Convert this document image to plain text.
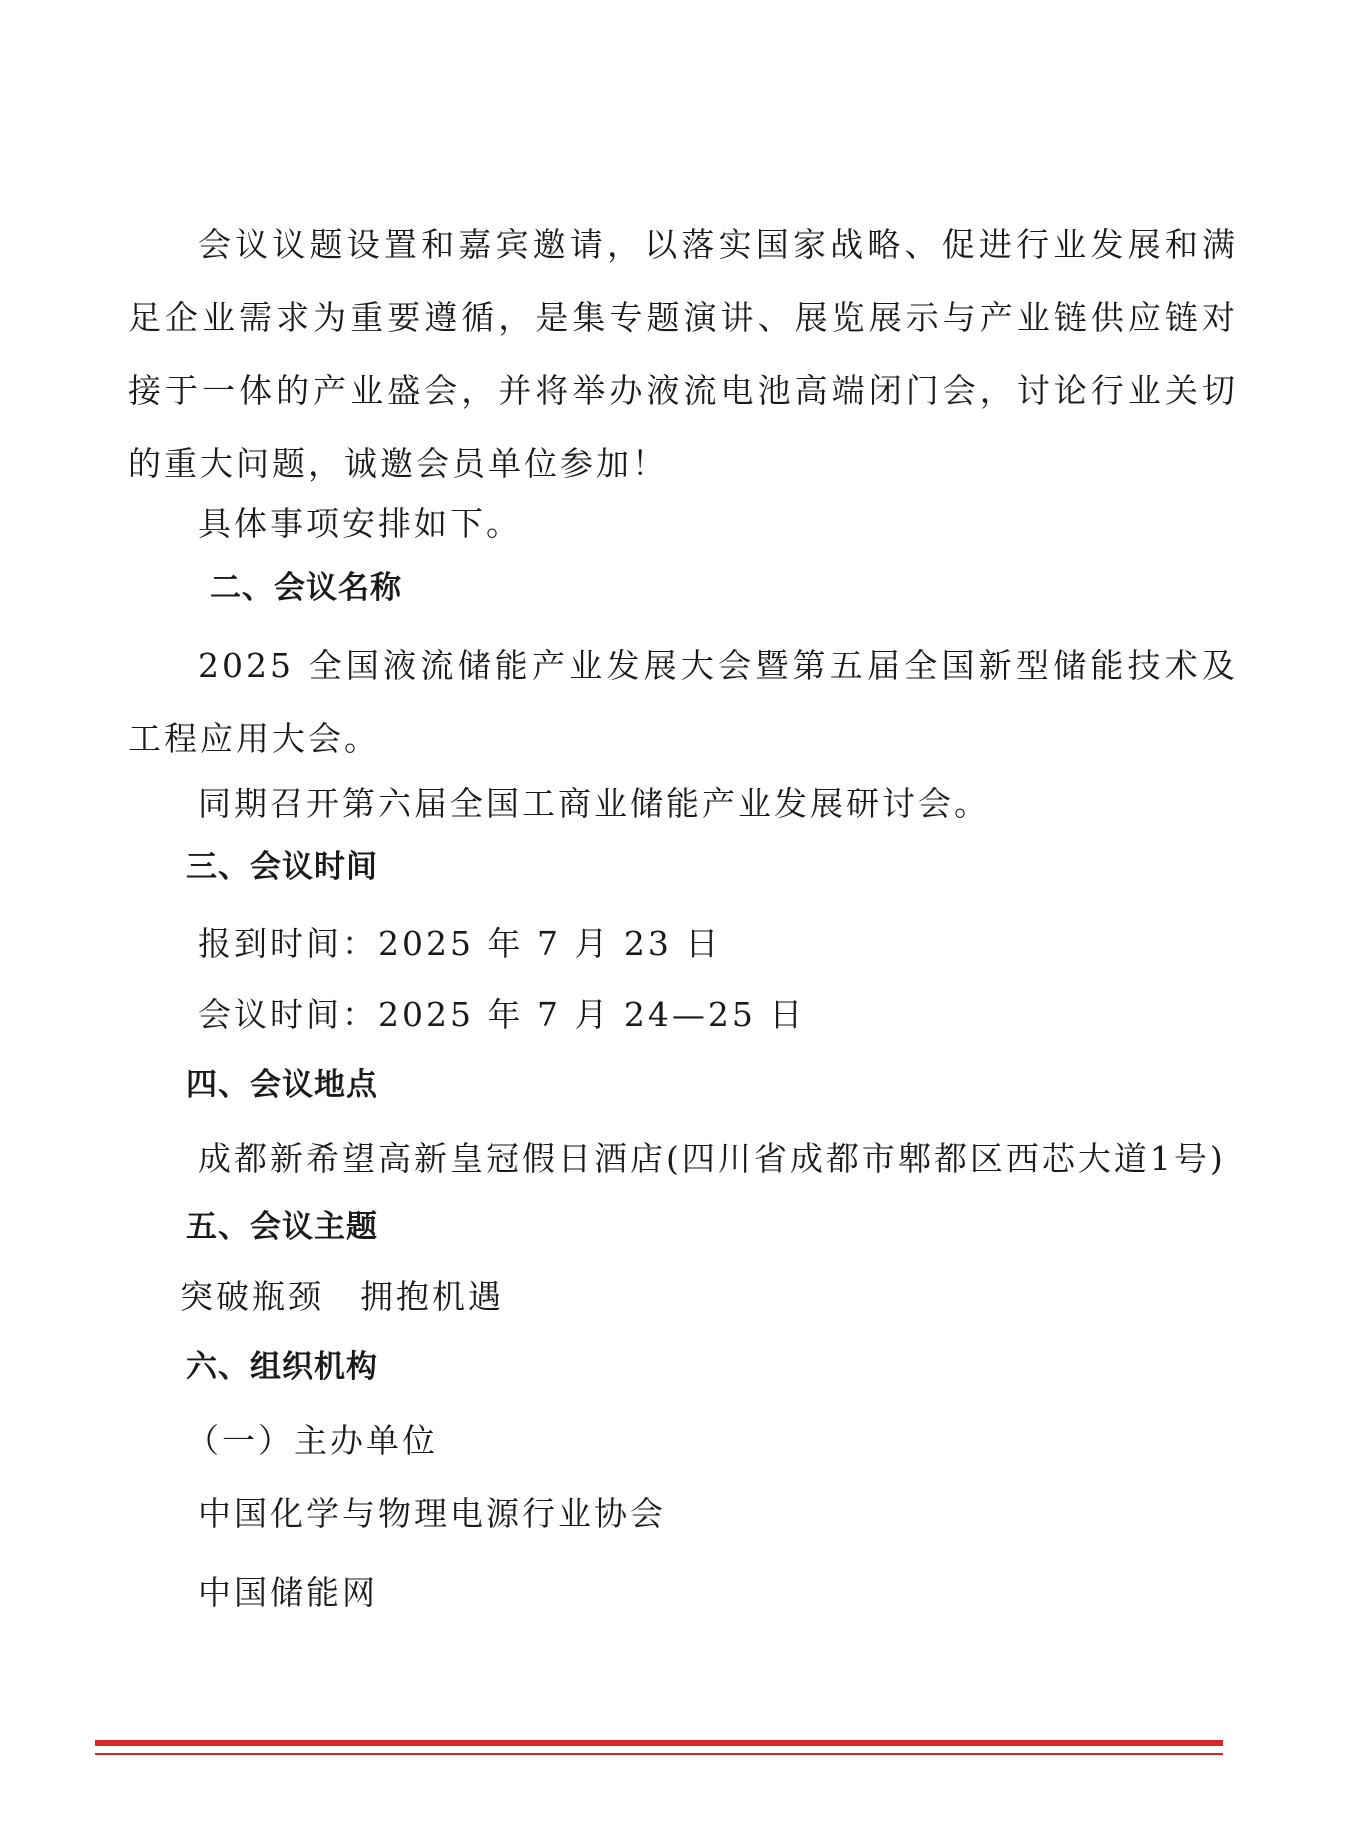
会议议题设置和嘉宾邀请，以落实国家战略、促进行业发展和满足企业需求为重要遵循，是集专题演讲、展览展示与产业链供应链对接于一体的产业盛会，并将举办液流电池高端闭门会，讨论行业关切的重大问题，诚邀会员单位参加！
具体事项安排如下。
二、会议名称
2025 全国液流储能产业发展大会暨第五届全国新型储能技术及工程应用大会。
同期召开第六届全国工商业储能产业发展研讨会。
三、会议时间
报到时间：2025 年 7 月 23 日
会议时间：2025 年 7 月 24—25 日
四、会议地点
成都新希望高新皇冠假日酒店(四川省成都市郫都区西芯大道1号)
五、会议主题
突破瓶颈　拥抱机遇
六、组织机构
（一）主办单位
中国化学与物理电源行业协会
中国储能网
